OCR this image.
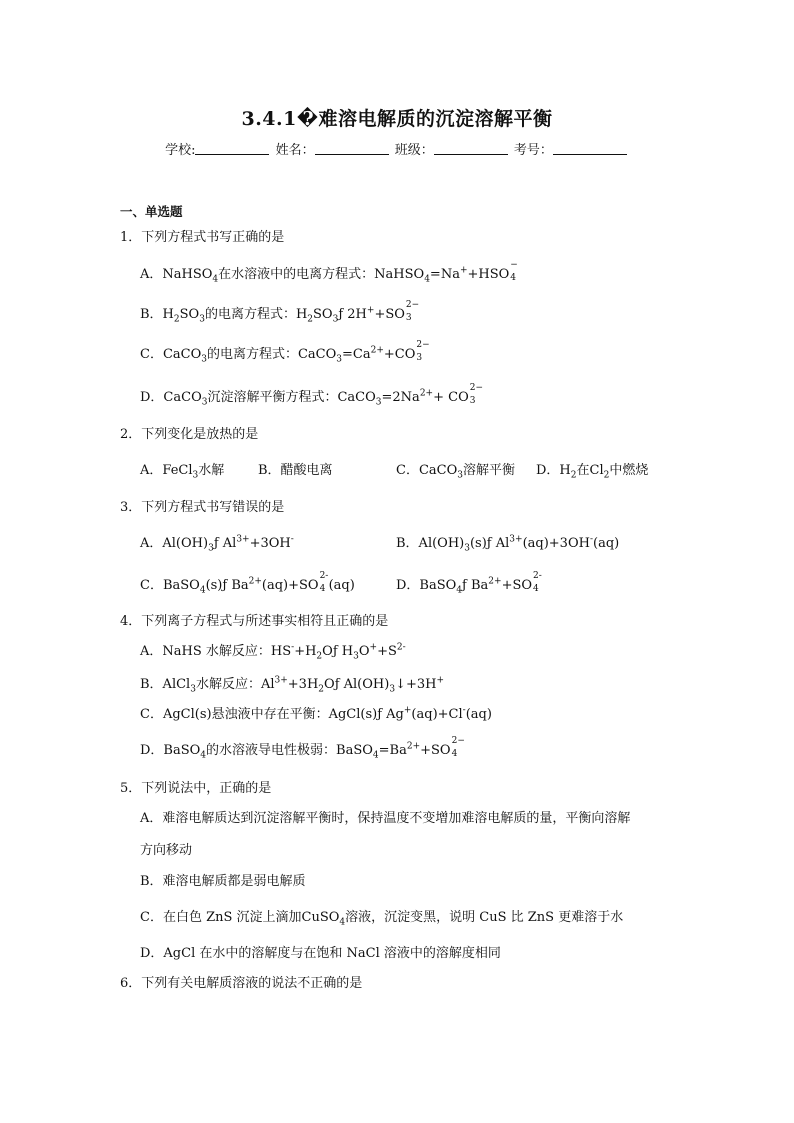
3.4.1�难溶电解质的沉淀溶解平衡
学校:	姓名：	班级：	考号：
一、单选题
1．下列方程式书写正确的是
A．NaHSO$_4$在水溶液中的电离方程式：NaHSO$_4$=Na++HSO
−
4
B．$H_2SO_3$的电离方程式：$H_2SO_3ƒ$ 2H++SO
2−
3
C．CaCO$_3$的电离方程式：$CaCO_3=Ca^{2+}+CO$
2−
3
D．CaCO$_3$沉淀溶解平衡方程式：$CaCO_3=2Na^{2+}+$ CO
2−
3
2．下列变化是放热的是
A．FeCl$_3$水解	B．醋酸电离	C．CaCO$_3$溶解平衡 D．$H_2$在$Cl_2$中燃烧
3．下列方程式书写错误的是
A．$Al(OH)_3ƒ$ $Al^{3+}+3OH^-$	B．$Al(OH)_3(s)ƒ$ $Al^{3+}(aq)+3OH^-(aq)$
C．BaSO$_4$(s)ƒ $Ba^{2+}(aq)+SO$
2-
4 (aq)	D．BaSO$_4$ƒ $Ba^{2+}+SO$
2-
4
4．下列离子方程式与所述事实相符且正确的是
A．NaHS 水解反应：$HS^-+H_2Oƒ$ $H_3O^++S^{2-}$
B．AlCl$_3$水解反应：$Al^{3+}+3H_2Oƒ$ $Al(OH)_3↓+3H^+$
C．AgCl(s)悬浊液中存在平衡：AgCl(s)ƒ Ag+(aq)+Cl-(aq)
D．BaSO$_4$的水溶液导电性极弱：$BaSO_4=Ba^{2+}+SO$
2−
4
5．下列说法中，正确的是
A．难溶电解质达到沉淀溶解平衡时，保持温度不变增加难溶电解质的量，平衡向溶解
方向移动
B．难溶电解质都是弱电解质
C．在白色 ZnS 沉淀上滴加CuSO$_4$溶液，沉淀变黑，说明 CuS 比 ZnS 更难溶于水
D．AgCl 在水中的溶解度与在饱和 NaCl 溶液中的溶解度相同
6．下列有关电解质溶液的说法不正确的是
